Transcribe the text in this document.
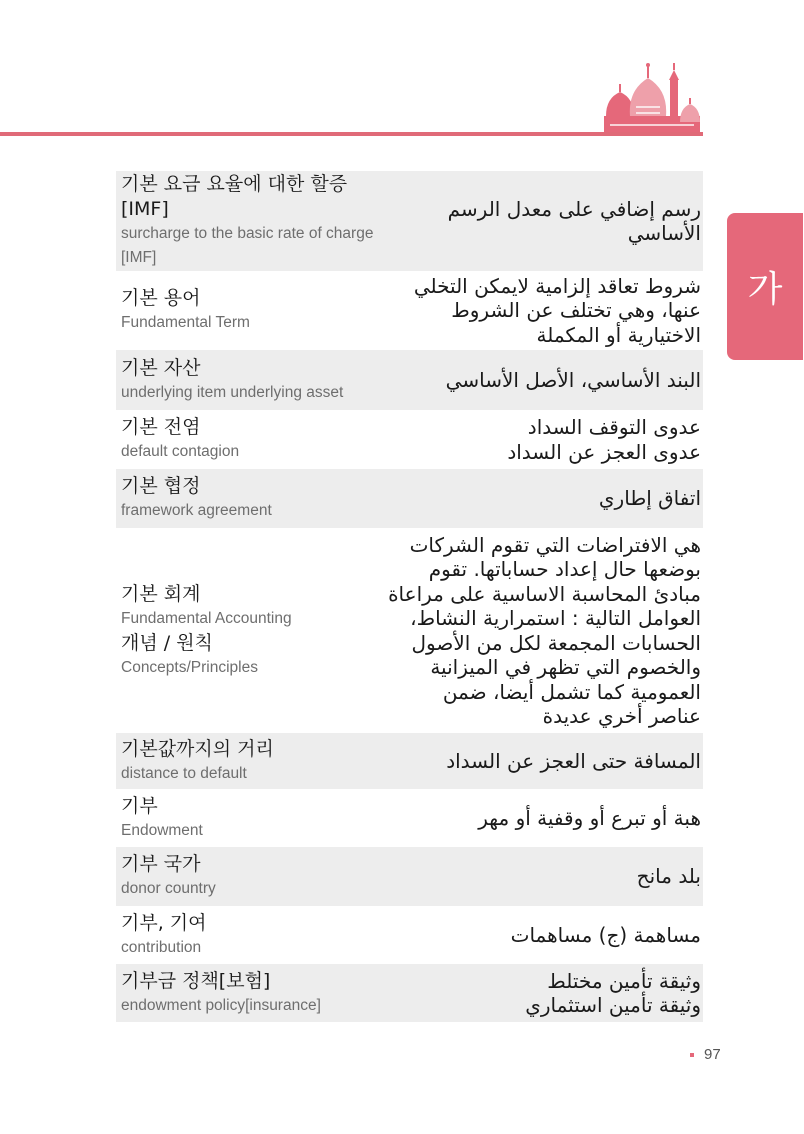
가
기본 요금 요율에 대한 할증 [IMF]
surcharge to the basic rate of charge [IMF]
رسم إضافي على معدل الرسم الأساسي
기본 용어
Fundamental Term
شروط تعاقد إلزامية لايمكن التخلي
عنها، وهي تختلف عن الشروط
الاختيارية أو المكملة
기본 자산
underlying item underlying asset
البند الأساسي، الأصل الأساسي
기본 전염
default contagion
عدوى التوقف السداد
عدوى العجز عن السداد
기본 협정
framework agreement
اتفاق إطاري
기본 회계
Fundamental Accounting
개념 / 원칙
Concepts/Principles
هي الافتراضات التي تقوم الشركات
بوضعها حال إعداد حساباتها. تقوم
مبادئ المحاسبة الاساسية على مراعاة
العوامل التالية : استمرارية النشاط،
الحسابات المجمعة لكل من الأصول
والخصوم التي تظهر في الميزانية
العمومية كما تشمل أيضا، ضمن
عناصر أخري عديدة
기본값까지의 거리
distance to default
المسافة حتى العجز عن السداد
기부
Endowment
هبة أو تبرع أو وقفية أو مهر
기부 국가
donor country
بلد مانح
기부, 기여
contribution
مساهمة (ج) مساهمات
기부금 정책[보험]
endowment policy[insurance]
وثيقة تأمين مختلط
وثيقة تأمين استثماري
97
